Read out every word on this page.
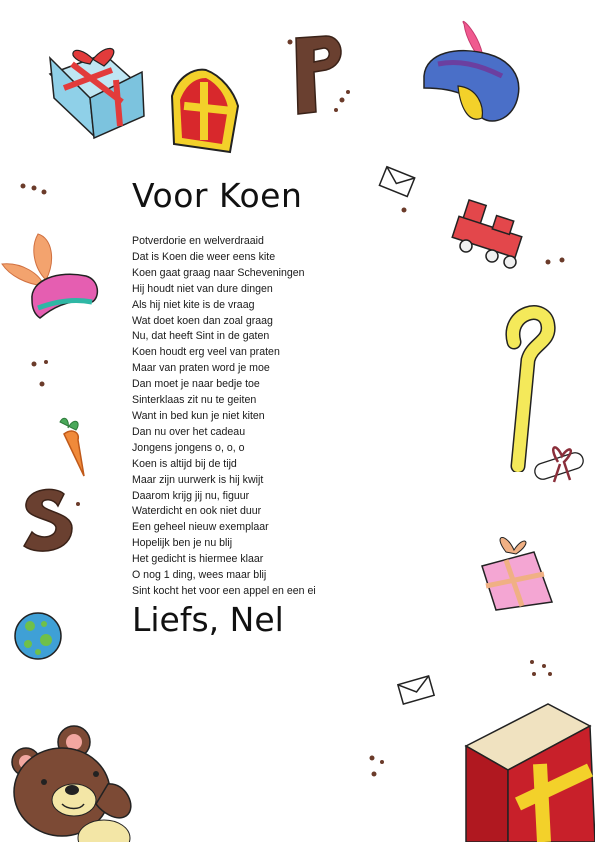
Voor Koen
Potverdorie en welverdraaid
Dat is Koen die weer eens kite
Koen gaat graag naar Scheveningen
Hij houdt niet van dure dingen
Als hij niet kite is de vraag
Wat doet koen dan zoal graag
Nu, dat heeft Sint in de gaten
Koen houdt erg veel van praten
Maar van praten word je moe
Dan moet je naar bedje toe
Sinterklaas zit nu te geiten
Want in bed kun je niet kiten
Dan nu over het cadeau
Jongens jongens o, o, o
Koen is altijd bij de tijd
Maar zijn uurwerk is hij kwijt
Daarom krijg jij nu, figuur
Waterdicht en ook niet duur
Een geheel nieuw exemplaar
Hopelijk ben je nu blij
Het gedicht is hiermee klaar
O nog 1 ding, wees maar blij
Sint kocht het voor een appel en een ei
Liefs, Nel
